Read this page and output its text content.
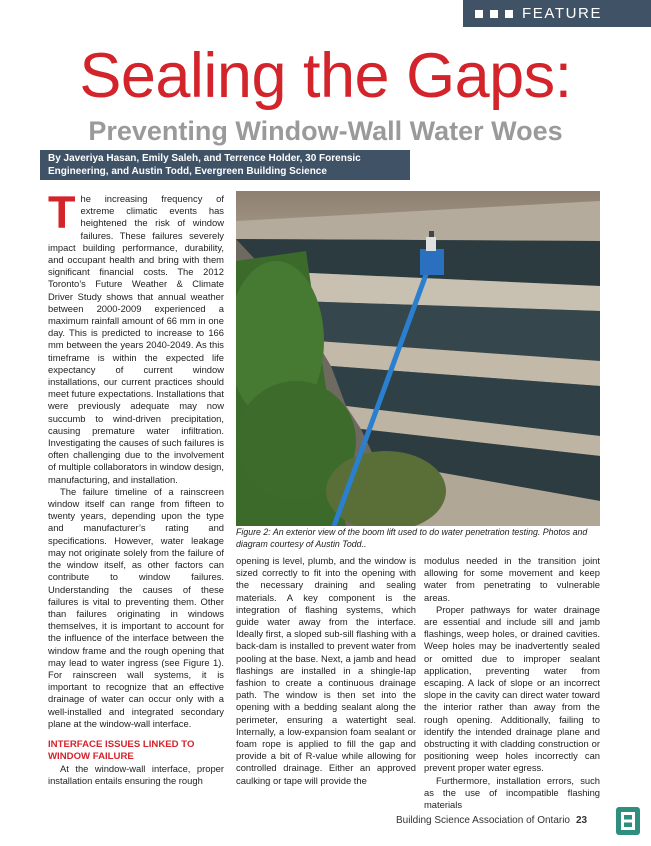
FEATURE
Sealing the Gaps:
Preventing Window-Wall Water Woes
By Javeriya Hasan, Emily Saleh, and Terrence Holder, 30 Forensic
Engineering, and Austin Todd, Evergreen Building Science

The increasing frequency of extreme climatic events has heightened the risk of window failures. These failures severely impact building performance, durability, and occupant health and bring with them significant financial costs. The 2012 Toronto’s Future Weather & Climate Driver Study shows that annual weather between 2000-2009 experienced a maximum rainfall amount of 66 mm in one day. This is predicted to increase to 166 mm between the years 2040-2049. As this timeframe is within the expected life expectancy of current window installations, our current practices should meet future expectations. Installations that were previously adequate may now succumb to wind-driven precipitation, causing premature water infiltration. Investigating the causes of such failures is often challenging due to the involvement of multiple collaborators in window design, manufacturing, and installation.

The failure timeline of a rainscreen window itself can range from fifteen to twenty years, depending upon the type and manufacturer’s rating and specifications. However, water leakage may not originate solely from the failure of the window itself, as other factors can contribute to window failures. Understanding the causes of these failures is vital to preventing them. Other than failures originating in windows themselves, it is important to account for the influence of the interface between the window frame and the rough opening that may lead to water ingress (see Figure 1). For rainscreen wall systems, it is important to recognize that an effective drainage of water can occur only with a well-installed and integrated secondary plane at the window-wall interface.

INTERFACE ISSUES LINKED TO WINDOW FAILURE

At the window-wall interface, proper installation entails ensuring the rough

Figure 2: An exterior view of the boom lift used to do water penetration testing. Photos and diagram courtesy of Austin Todd..

opening is level, plumb, and the window is sized correctly to fit into the opening with the necessary draining and sealing materials. A key component is the integration of flashing systems, which guide water away from the interface. Ideally first, a sloped sub-sill flashing with a back-dam is installed to prevent water from pooling at the base. Next, a jamb and head flashings are installed in a shingle-lap fashion to create a continuous drainage path. The window is then set into the opening with a bedding sealant along the perimeter, ensuring a watertight seal. Internally, a low-expansion foam sealant or foam rope is applied to fill the gap and provide a bit of R-value while allowing for controlled drainage. Either an approved caulking or tape will provide the

modulus needed in the transition joint allowing for some movement and keep water from penetrating to vulnerable areas.

Proper pathways for water drainage are essential and include sill and jamb flashings, weep holes, or drained cavities. Weep holes may be inadvertently sealed or omitted due to improper sealant application, preventing water from escaping. A lack of slope or an incorrect slope in the cavity can direct water toward the interior rather than away from the rough opening. Additionally, failing to identify the intended drainage plane and obstructing it with cladding construction or positioning weep holes incorrectly can prevent proper water egress.

Furthermore, installation errors, such as the use of incompatible flashing materials

Building Science Association of Ontario 23
